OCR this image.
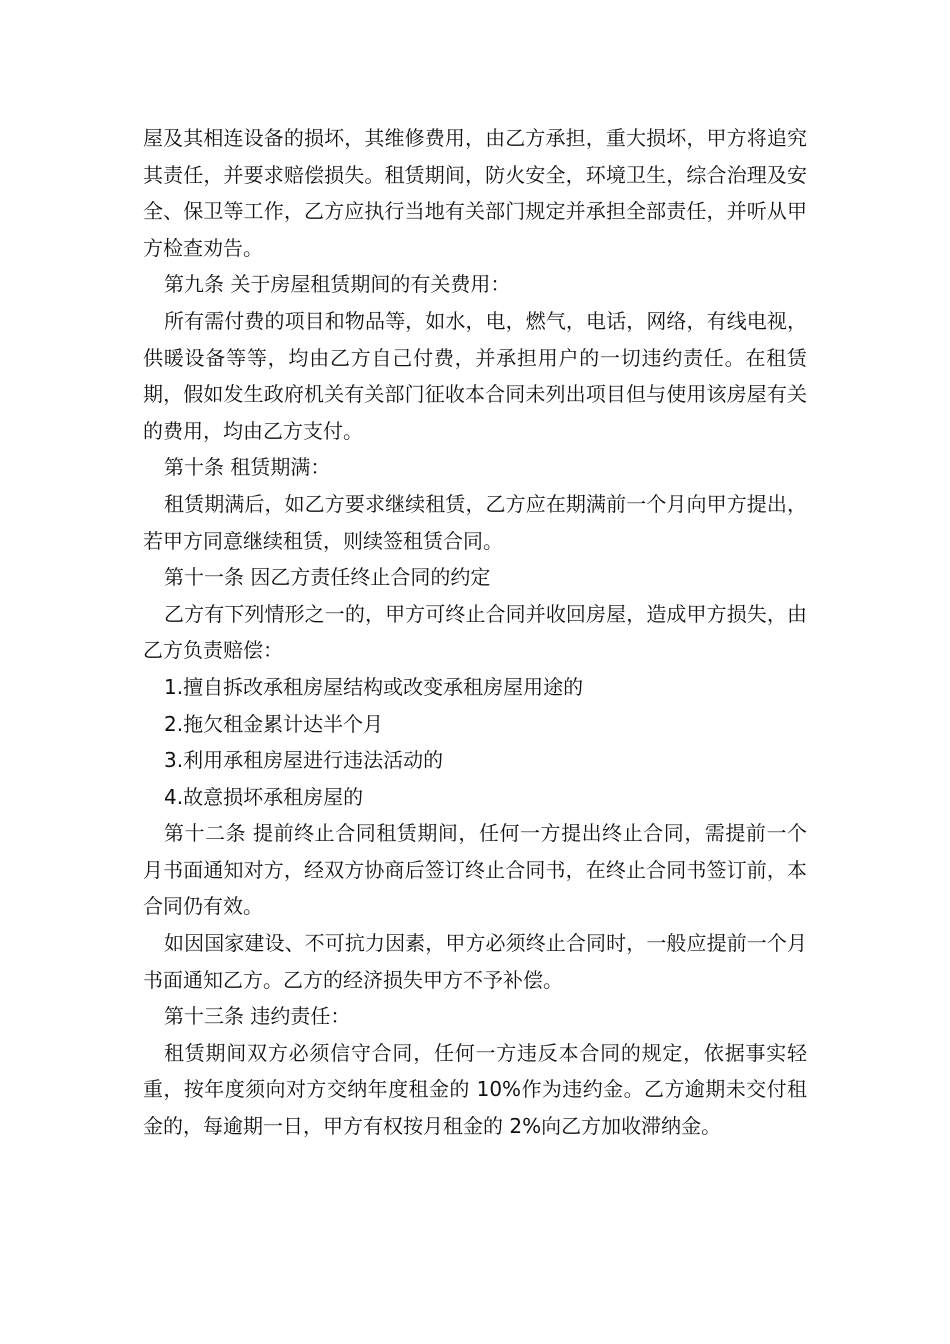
屋及其相连设备的损坏，其维修费用，由乙方承担，重大损坏，甲方将追究其责任，并要求赔偿损失。租赁期间，防火安全，环境卫生，综合治理及安全、保卫等工作，乙方应执行当地有关部门规定并承担全部责任，并听从甲方检查劝告。

第九条 关于房屋租赁期间的有关费用：

所有需付费的项目和物品等，如水，电，燃气，电话，网络，有线电视，供暖设备等等，均由乙方自己付费，并承担用户的一切违约责任。在租赁期，假如发生政府机关有关部门征收本合同未列出项目但与使用该房屋有关的费用，均由乙方支付。

第十条 租赁期满：

租赁期满后，如乙方要求继续租赁，乙方应在期满前一个月向甲方提出，若甲方同意继续租赁，则续签租赁合同。

第十一条 因乙方责任终止合同的约定

乙方有下列情形之一的，甲方可终止合同并收回房屋，造成甲方损失，由乙方负责赔偿：

1.擅自拆改承租房屋结构或改变承租房屋用途的

2.拖欠租金累计达半个月

3.利用承租房屋进行违法活动的

4.故意损坏承租房屋的

第十二条 提前终止合同租赁期间，任何一方提出终止合同，需提前一个月书面通知对方，经双方协商后签订终止合同书，在终止合同书签订前，本合同仍有效。

如因国家建设、不可抗力因素，甲方必须终止合同时，一般应提前一个月书面通知乙方。乙方的经济损失甲方不予补偿。

第十三条 违约责任：

租赁期间双方必须信守合同，任何一方违反本合同的规定，依据事实轻重，按年度须向对方交纳年度租金的 10%作为违约金。乙方逾期未交付租金的，每逾期一日，甲方有权按月租金的 2%向乙方加收滞纳金。
